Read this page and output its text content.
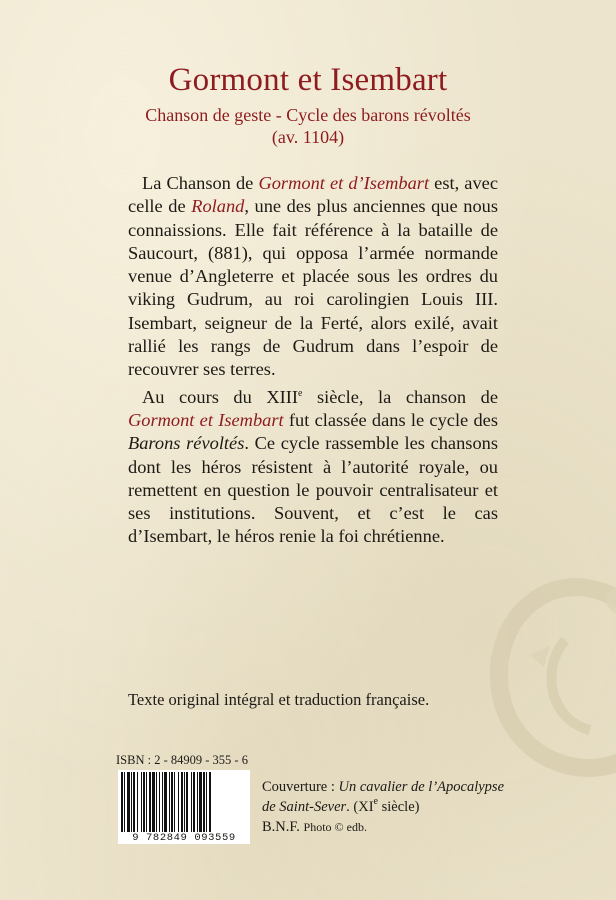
Gormont et Isembart
Chanson de geste - Cycle des barons révoltés
(av. 1104)

La Chanson de Gormont et d’Isembart est, avec celle de Roland, une des plus anciennes que nous connaissions. Elle fait référence à la bataille de Saucourt, (881), qui opposa l’armée normande venue d’Angleterre et placée sous les ordres du viking Gudrum, au roi carolingien Louis III. Isembart, seigneur de la Ferté, alors exilé, avait rallié les rangs de Gudrum dans l’espoir de recouvrer ses terres.

Au cours du XIIIe siècle, la chanson de Gormont et Isembart fut classée dans le cycle des Barons révoltés. Ce cycle rassemble les chansons dont les héros résistent à l’autorité royale, ou remettent en question le pouvoir centralisateur et ses institutions. Souvent, et c’est le cas d’Isembart, le héros renie la foi chrétienne.

Texte original intégral et traduction française.
ISBN : 2 - 84909 - 355 - 6
9 782849 093559
Couverture : Un cavalier de l’Apocalypse
de Saint-Sever. (XIe siècle)
B.N.F. Photo © edb.
